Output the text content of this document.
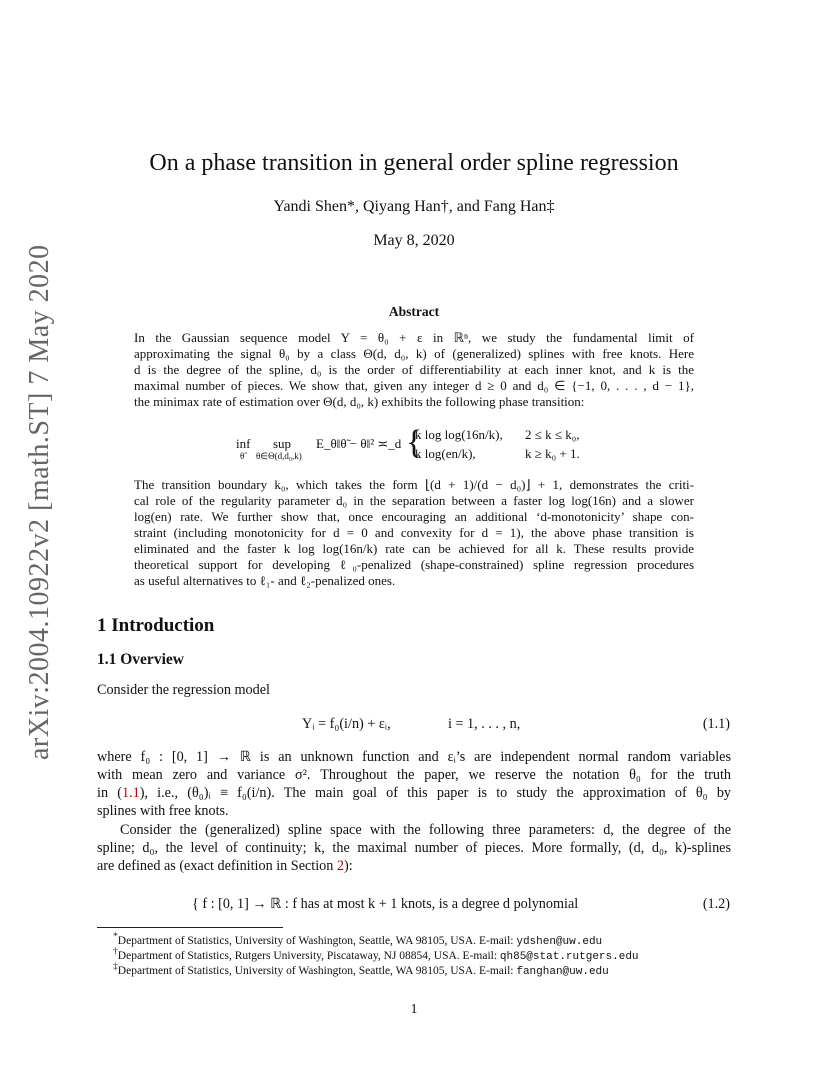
arXiv:2004.10922v2 [math.ST] 7 May 2020
On a phase transition in general order spline regression
Yandi Shen*, Qiyang Han†, and Fang Han‡
May 8, 2020
Abstract
In the Gaussian sequence model Y = θ₀ + ε in ℝⁿ, we study the fundamental limit of
approximating the signal θ₀ by a class Θ(d, d₀, k) of (generalized) splines with free knots. Here
d is the degree of the spline, d₀ is the order of differentiability at each inner knot, and k is the
maximal number of pieces. We show that, given any integer d ≥ 0 and d₀ ∈ {−1, 0, . . . , d − 1},
the minimax rate of estimation over Θ(d, d₀, k) exhibits the following phase transition:
inf
θ̃
sup
θ∈Θ(d,d₀,k)
E_θ‖θ̃ − θ‖² ≍_d {
k log log(16n/k), 2 ≤ k ≤ k₀,
k log(en/k),	k ≥ k₀ + 1.
The transition boundary k₀, which takes the form ⌊(d + 1)/(d − d₀)⌋ + 1, demonstrates the criti-
cal role of the regularity parameter d₀ in the separation between a faster log log(16n) and a slower
log(en) rate. We further show that, once encouraging an additional ‘d-monotonicity’ shape con-
straint (including monotonicity for d = 0 and convexity for d = 1), the above phase transition is
eliminated and the faster k log log(16n/k) rate can be achieved for all k. These results provide
theoretical support for developing ℓ₀-penalized (shape-constrained) spline regression procedures
as useful alternatives to ℓ₁- and ℓ₂-penalized ones.
1 Introduction
1.1 Overview
Consider the regression model
Yᵢ = f₀(i/n) + εᵢ,	i = 1, . . . , n,	(1.1)
where f₀ : [0, 1] → ℝ is an unknown function and εᵢ’s are independent normal random variables
with mean zero and variance σ². Throughout the paper, we reserve the notation θ₀ for the truth
in (1.1), i.e., (θ₀)ᵢ ≡ f₀(i/n). The main goal of this paper is to study the approximation of θ₀ by
splines with free knots.
Consider the (generalized) spline space with the following three parameters: d, the degree of the
spline; d₀, the level of continuity; k, the maximal number of pieces. More formally, (d, d₀, k)-splines
are defined as (exact definition in Section 2):
{ f : [0, 1] → ℝ : f has at most k + 1 knots, is a degree d polynomial	(1.2)
*Department of Statistics, University of Washington, Seattle, WA 98105, USA. E-mail: ydshen@uw.edu
†Department of Statistics, Rutgers University, Piscataway, NJ 08854, USA. E-mail: qh85@stat.rutgers.edu
‡Department of Statistics, University of Washington, Seattle, WA 98105, USA. E-mail: fanghan@uw.edu
1
